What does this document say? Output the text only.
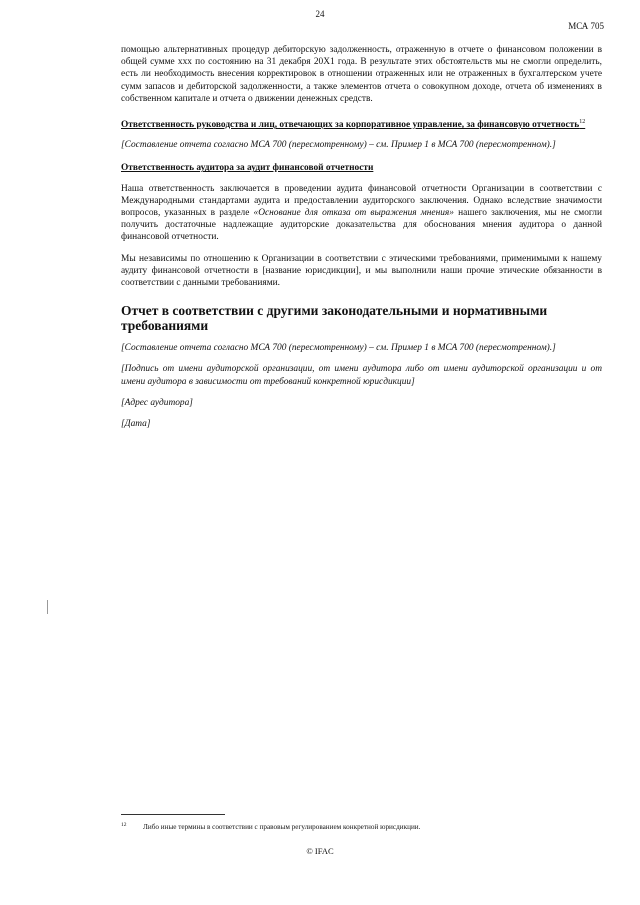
24
МСА 705

помощью альтернативных процедур дебиторскую задолженность, отраженную в отчете о финансовом положении в общей сумме xxx по состоянию на 31 декабря 20X1 года. В результате этих обстоятельств мы не смогли определить, есть ли необходимость внесения корректировок в отношении отраженных или не отраженных в бухгалтерском учете сумм запасов и дебиторской задолженности, а также элементов отчета о совокупном доходе, отчета об изменениях в собственном капитале и отчета о движении денежных средств.

Ответственность руководства и лиц, отвечающих за корпоративное управление, за финансовую отчетность$^{12}$

[Составление отчета согласно МСА 700 (пересмотренному) – см. Пример 1 в МСА 700 (пересмотренном).]

Ответственность аудитора за аудит финансовой отчетности

Наша ответственность заключается в проведении аудита финансовой отчетности Организации в соответствии с Международными стандартами аудита и предоставлении аудиторского заключения. Однако вследствие значимости вопросов, указанных в разделе «Основание для отказа от выражения мнения» нашего заключения, мы не смогли получить достаточные надлежащие аудиторские доказательства для обоснования мнения аудитора о данной финансовой отчетности.

Мы независимы по отношению к Организации в соответствии с этическими требованиями, применимыми к нашему аудиту финансовой отчетности в [название юрисдикции], и мы выполнили наши прочие этические обязанности в соответствии с данными требованиями.

Отчет в соответствии с другими законодательными и нормативными требованиями

[Составление отчета согласно МСА 700 (пересмотренному) – см. Пример 1 в МСА 700 (пересмотренном).]

[Подпись от имени аудиторской организации, от имени аудитора либо от имени аудиторской организации и от имени аудитора в зависимости от требований конкретной юрисдикции]

[Адрес аудитора]

[Дата]

12 Либо иные термины в соответствии с правовым регулированием конкретной юрисдикции.
© IFAC
